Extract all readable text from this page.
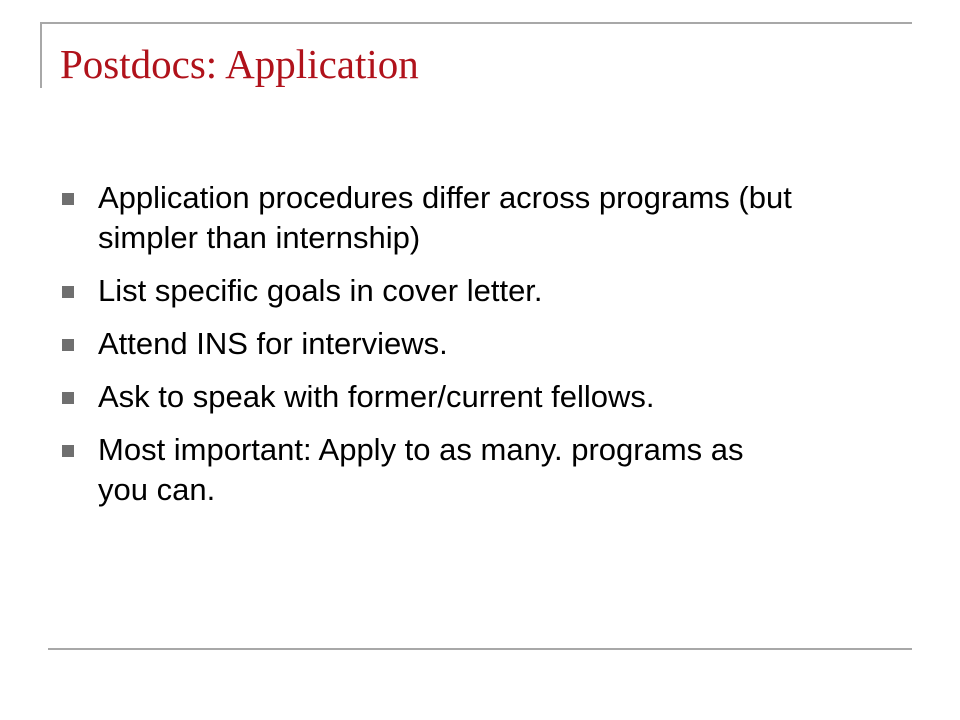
Postdocs: Application
Application procedures differ across programs (but simpler than internship)
List specific goals in cover letter.
Attend INS for interviews.
Ask to speak with former/current fellows.
Most important: Apply to as many. programs as you can.
